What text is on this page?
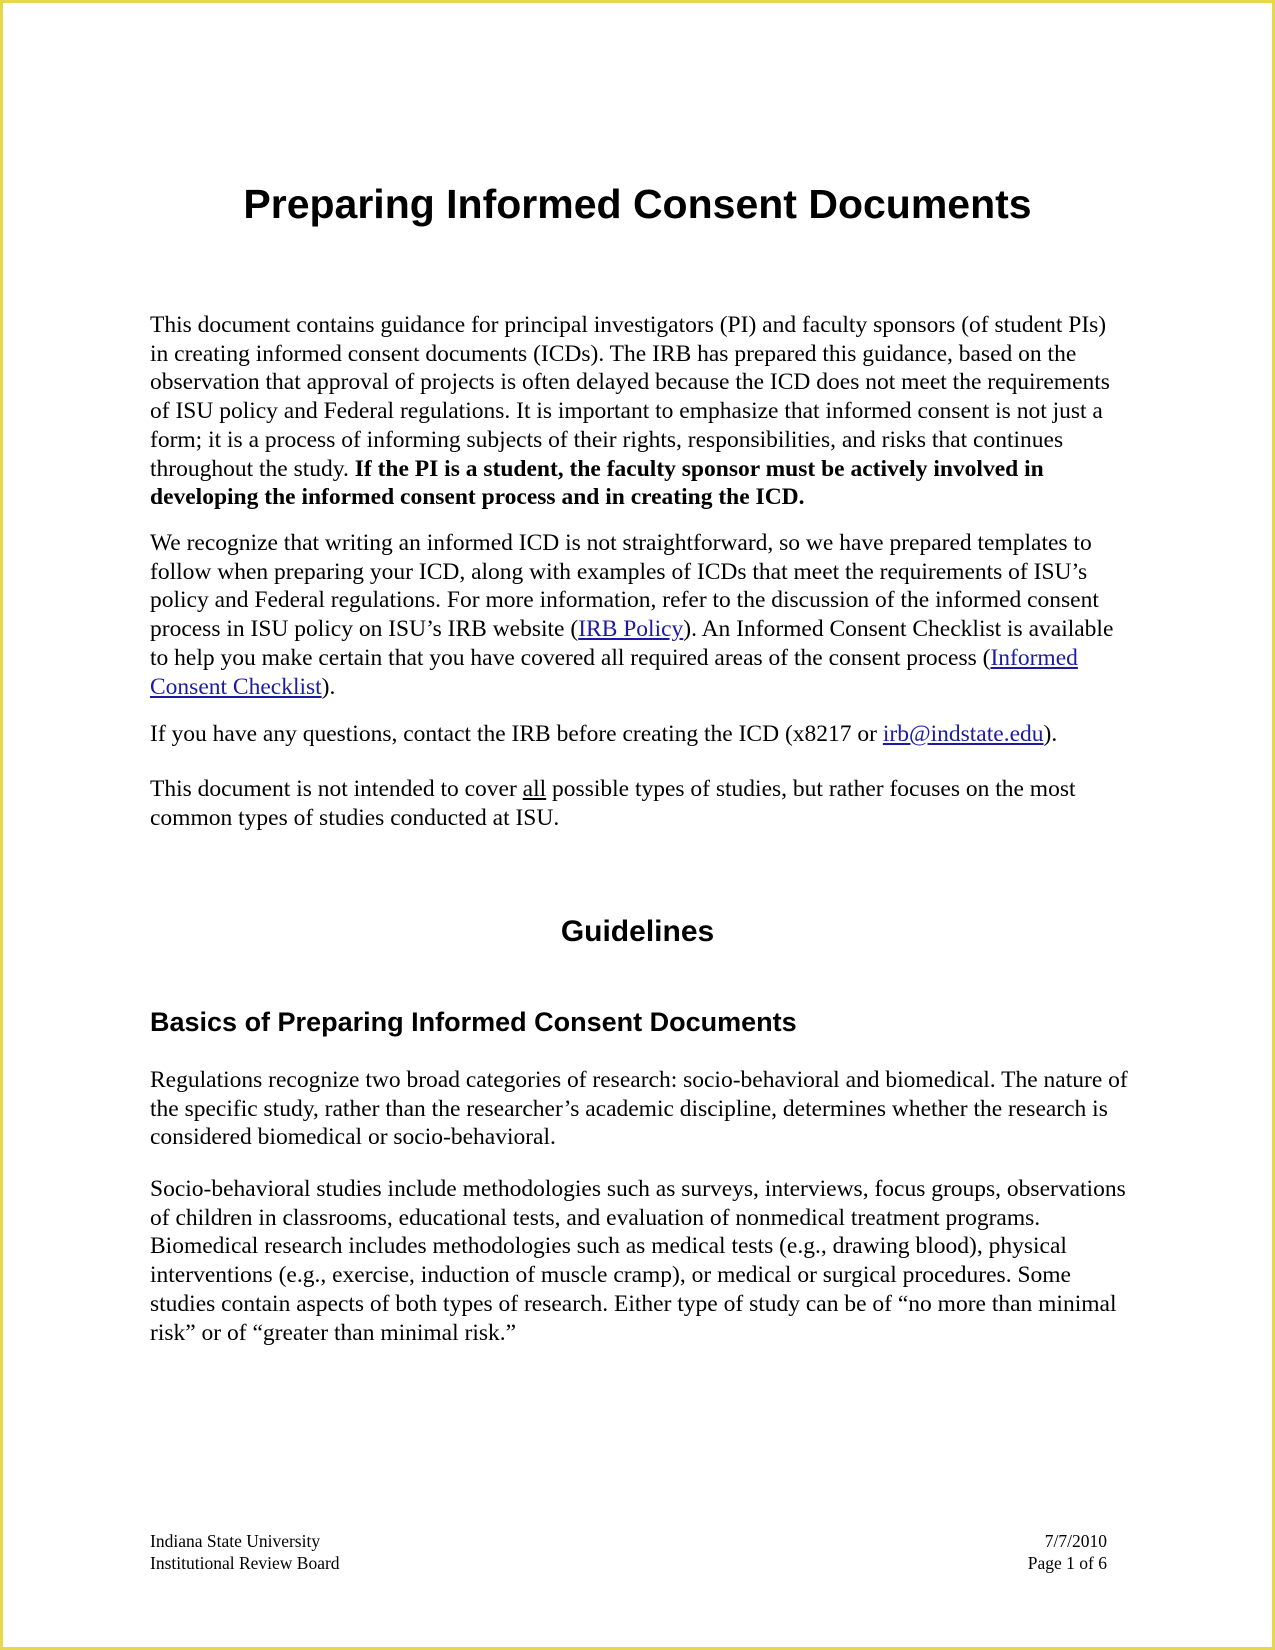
Preparing Informed Consent Documents

This document contains guidance for principal investigators (PI) and faculty sponsors (of student PIs) in creating informed consent documents (ICDs). The IRB has prepared this guidance, based on the observation that approval of projects is often delayed because the ICD does not meet the requirements of ISU policy and Federal regulations. It is important to emphasize that informed consent is not just a form; it is a process of informing subjects of their rights, responsibilities, and risks that continues throughout the study. If the PI is a student, the faculty sponsor must be actively involved in developing the informed consent process and in creating the ICD.

We recognize that writing an informed ICD is not straightforward, so we have prepared templates to follow when preparing your ICD, along with examples of ICDs that meet the requirements of ISU’s policy and Federal regulations. For more information, refer to the discussion of the informed consent process in ISU policy on ISU’s IRB website (IRB Policy). An Informed Consent Checklist is available to help you make certain that you have covered all required areas of the consent process (Informed Consent Checklist).

If you have any questions, contact the IRB before creating the ICD (x8217 or irb@indstate.edu).

This document is not intended to cover all possible types of studies, but rather focuses on the most common types of studies conducted at ISU.

Guidelines
Basics of Preparing Informed Consent Documents

Regulations recognize two broad categories of research: socio-behavioral and biomedical. The nature of the specific study, rather than the researcher’s academic discipline, determines whether the research is considered biomedical or socio-behavioral.

Socio-behavioral studies include methodologies such as surveys, interviews, focus groups, observations of children in classrooms, educational tests, and evaluation of nonmedical treatment programs. Biomedical research includes methodologies such as medical tests (e.g., drawing blood), physical interventions (e.g., exercise, induction of muscle cramp), or medical or surgical procedures. Some studies contain aspects of both types of research. Either type of study can be of “no more than minimal risk” or of “greater than minimal risk.”

Indiana State University
Institutional Review Board
7/7/2010
Page 1 of 6
